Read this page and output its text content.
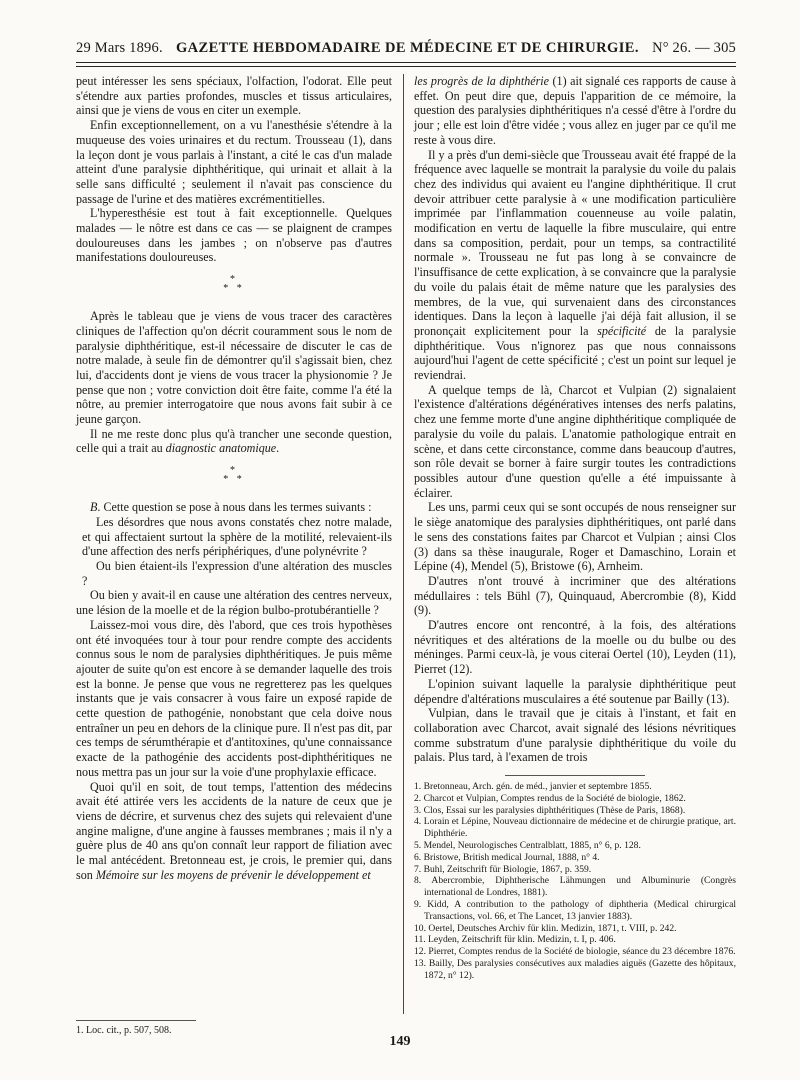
29 Mars 1896. GAZETTE HEBDOMADAIRE DE MÉDECINE ET DE CHIRURGIE. N° 26. — 305

peut intéresser les sens spéciaux, l'olfaction, l'odorat. Elle peut s'étendre aux parties profondes, muscles et tissus articulaires, ainsi que je viens de vous en citer un exemple.

Enfin exceptionnellement, on a vu l'anesthésie s'étendre à la muqueuse des voies urinaires et du rectum. Trousseau (1), dans la leçon dont je vous parlais à l'instant, a cité le cas d'un malade atteint d'une paralysie diphthéritique, qui urinait et allait à la selle sans difficulté ; seulement il n'avait pas conscience du passage de l'urine et des matières excrémentitielles.

L'hyperesthésie est tout à fait exceptionnelle. Quelques malades — le nôtre est dans ce cas — se plaignent de crampes douloureuses dans les jambes ; on n'observe pas d'autres manifestations douloureuses.

*
* *

Après le tableau que je viens de vous tracer des caractères cliniques de l'affection qu'on décrit couramment sous le nom de paralysie diphthéritique, est-il nécessaire de discuter le cas de notre malade, à seule fin de démontrer qu'il s'agissait bien, chez lui, d'accidents dont je viens de vous tracer la physionomie ? Je pense que non ; votre conviction doit être faite, comme l'a été la nôtre, au premier interrogatoire que nous avons fait subir à ce jeune garçon.

Il ne me reste donc plus qu'à trancher une seconde question, celle qui a trait au diagnostic anatomique.

*
* *

B. Cette question se pose à nous dans les termes suivants :

Les désordres que nous avons constatés chez notre malade, et qui affectaient surtout la sphère de la motilité, relevaient-ils d'une affection des nerfs périphériques, d'une polynévrite ?

Ou bien étaient-ils l'expression d'une altération des muscles ?

Ou bien y avait-il en cause une altération des centres nerveux, une lésion de la moelle et de la région bulbo-protubérantielle ?

Laissez-moi vous dire, dès l'abord, que ces trois hypothèses ont été invoquées tour à tour pour rendre compte des accidents connus sous le nom de paralysies diphthéritiques. Je puis même ajouter de suite qu'on est encore à se demander laquelle des trois est la bonne. Je pense que vous ne regretterez pas les quelques instants que je vais consacrer à vous faire un exposé rapide de cette question de pathogénie, nonobstant que cela doive nous entraîner un peu en dehors de la clinique pure. Il n'est pas dit, par ces temps de sérumthérapie et d'antitoxines, qu'une connaissance exacte de la pathogénie des accidents post-diphthéritiques ne nous mettra pas un jour sur la voie d'une prophylaxie efficace.

Quoi qu'il en soit, de tout temps, l'attention des médecins avait été attirée vers les accidents de la nature de ceux que je viens de décrire, et survenus chez des sujets qui relevaient d'une angine maligne, d'une angine à fausses membranes ; mais il n'y a guère plus de 40 ans qu'on connaît leur rapport de filiation avec le mal antécédent. Bretonneau est, je crois, le premier qui, dans son Mémoire sur les moyens de prévenir le développement et

1. Loc. cit., p. 507, 508.

les progrès de la diphthérie (1) ait signalé ces rapports de cause à effet. On peut dire que, depuis l'apparition de ce mémoire, la question des paralysies diphthéritiques n'a cessé d'être à l'ordre du jour ; elle est loin d'être vidée ; vous allez en juger par ce qu'il me reste à vous dire.

Il y a près d'un demi-siècle que Trousseau avait été frappé de la fréquence avec laquelle se montrait la paralysie du voile du palais chez des individus qui avaient eu l'angine diphthéritique. Il crut devoir attribuer cette paralysie à « une modification particulière imprimée par l'inflammation couenneuse au voile palatin, modification en vertu de laquelle la fibre musculaire, qui entre dans sa composition, perdait, pour un temps, sa contractilité normale ». Trousseau ne fut pas long à se convaincre de l'insuffisance de cette explication, à se convaincre que la paralysie du voile du palais était de même nature que les paralysies des membres, de la vue, qui survenaient dans des circonstances identiques. Dans la leçon à laquelle j'ai déjà fait allusion, il se prononçait explicitement pour la spécificité de la paralysie diphthéritique. Vous n'ignorez pas que nous connaissons aujourd'hui l'agent de cette spécificité ; c'est un point sur lequel je reviendrai.

A quelque temps de là, Charcot et Vulpian (2) signalaient l'existence d'altérations dégénératives intenses des nerfs palatins, chez une femme morte d'une angine diphthéritique compliquée de paralysie du voile du palais. L'anatomie pathologique entrait en scène, et dans cette circonstance, comme dans beaucoup d'autres, son rôle devait se borner à faire surgir toutes les contradictions possibles autour d'une question qu'elle a été impuissante à éclairer.

Les uns, parmi ceux qui se sont occupés de nous renseigner sur le siège anatomique des paralysies diphthéritiques, ont parlé dans le sens des constations faites par Charcot et Vulpian ; ainsi Clos (3) dans sa thèse inaugurale, Roger et Damaschino, Lorain et Lépine (4), Mendel (5), Bristowe (6), Arnheim.

D'autres n'ont trouvé à incriminer que des altérations médullaires : tels Bühl (7), Quinquaud, Abercrombie (8), Kidd (9).

D'autres encore ont rencontré, à la fois, des altérations névritiques et des altérations de la moelle ou du bulbe ou des méninges. Parmi ceux-là, je vous citerai Oertel (10), Leyden (11), Pierret (12).

L'opinion suivant laquelle la paralysie diphthéritique peut dépendre d'altérations musculaires a été soutenue par Bailly (13).

Vulpian, dans le travail que je citais à l'instant, et fait en collaboration avec Charcot, avait signalé des lésions névritiques comme substratum d'une paralysie diphthéritique du voile du palais. Plus tard, à l'examen de trois

1. Bretonneau, Arch. gén. de méd., janvier et septembre 1855.

2. Charcot et Vulpian, Comptes rendus de la Société de biologie, 1862.

3. Clos, Essai sur les paralysies diphthéritiques (Thèse de Paris, 1868).

4. Lorain et Lépine, Nouveau dictionnaire de médecine et de chirurgie pratique, art. Diphthérie.

5. Mendel, Neurologisches Centralblatt, 1885, n° 6, p. 128.

6. Bristowe, British medical Journal, 1888, n° 4.

7. Buhl, Zeitschrift für Biologie, 1867, p. 359.

8. Abercrombie, Diphtherische Lähmungen und Albuminurie (Congrès international de Londres, 1881).

9. Kidd, A contribution to the pathology of diphtheria (Medical chirurgical Transactions, vol. 66, et The Lancet, 13 janvier 1883).

10. Oertel, Deutsches Archiv für klin. Medizin, 1871, t. VIII, p. 242.

11. Leyden, Zeitschrift für klin. Medizin, t. I, p. 406.

12. Pierret, Comptes rendus de la Société de biologie, séance du 23 décembre 1876.

13. Bailly, Des paralysies consécutives aux maladies aiguës (Gazette des hôpitaux, 1872, n° 12).

149
